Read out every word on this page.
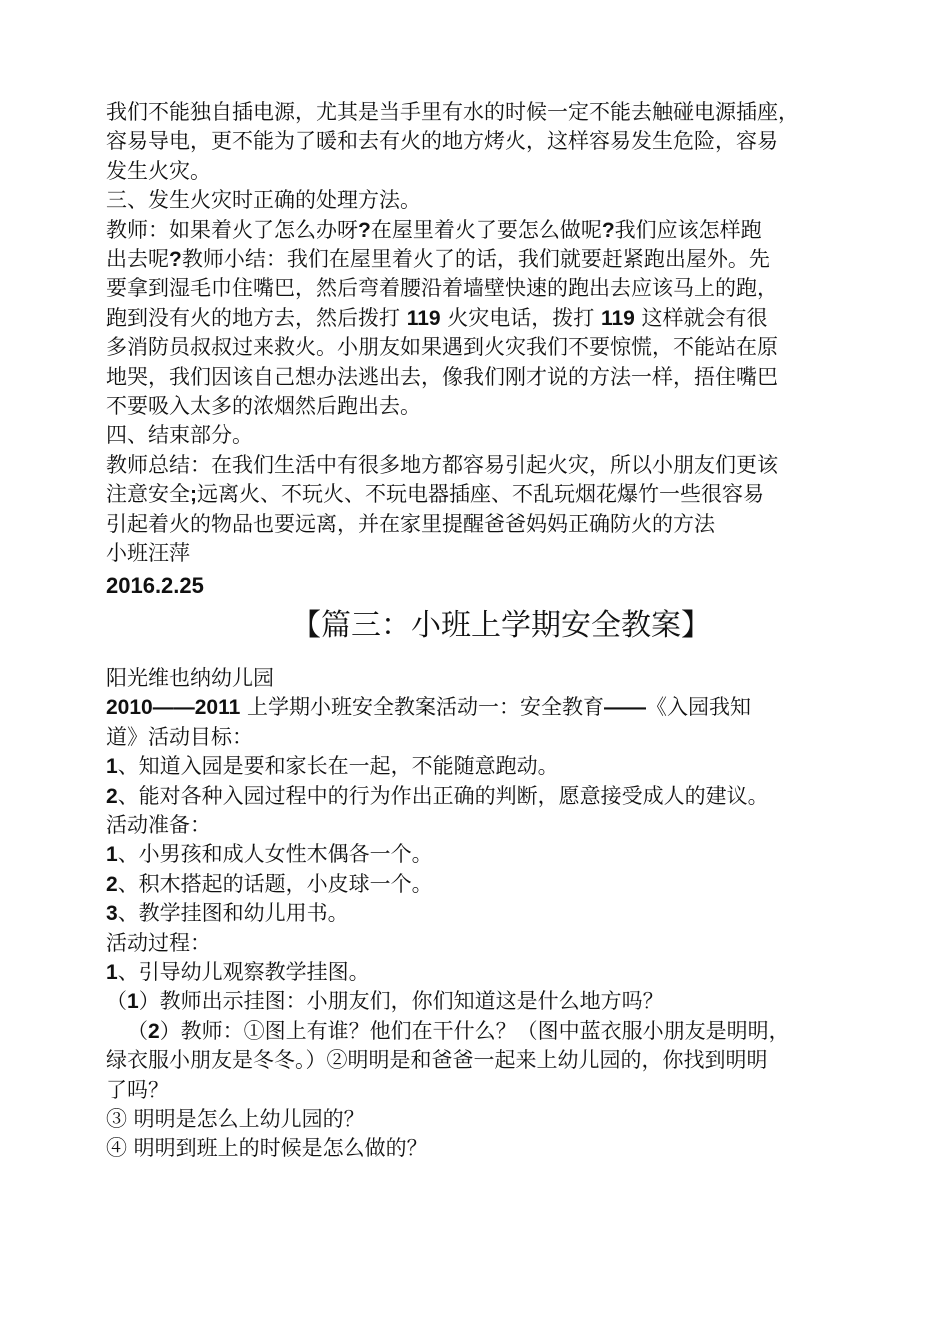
我们不能独自插电源，尤其是当手里有水的时候一定不能去触碰电源插座，
容易导电，更不能为了暖和去有火的地方烤火，这样容易发生危险，容易
发生火灾。
三、发生火灾时正确的处理方法。
教师：如果着火了怎么办呀?在屋里着火了要怎么做呢?我们应该怎样跑
出去呢?教师小结：我们在屋里着火了的话，我们就要赶紧跑出屋外。先
要拿到湿毛巾住嘴巴，然后弯着腰沿着墙壁快速的跑出去应该马上的跑，
跑到没有火的地方去，然后拨打 119 火灾电话，拨打 119 这样就会有很
多消防员叔叔过来救火。小朋友如果遇到火灾我们不要惊慌，不能站在原
地哭，我们因该自己想办法逃出去，像我们刚才说的方法一样，捂住嘴巴
不要吸入太多的浓烟然后跑出去。
四、结束部分。
教师总结：在我们生活中有很多地方都容易引起火灾，所以小朋友们更该
注意安全;远离火、不玩火、不玩电器插座、不乱玩烟花爆竹一些很容易
引起着火的物品也要远离，并在家里提醒爸爸妈妈正确防火的方法
小班汪萍
2016.2.25
【篇三：小班上学期安全教案】
阳光维也纳幼儿园
2010——2011 上学期小班安全教案活动一：安全教育——《入园我知
道》活动目标：
1、知道入园是要和家长在一起，不能随意跑动。
2、能对各种入园过程中的行为作出正确的判断，愿意接受成人的建议。
活动准备：
1、小男孩和成人女性木偶各一个。
2、积木搭起的话题，小皮球一个。
3、教学挂图和幼儿用书。
活动过程：
1、引导幼儿观察教学挂图。
（1）教师出示挂图：小朋友们，你们知道这是什么地方吗？
（2）教师：①图上有谁？他们在干什么？（图中蓝衣服小朋友是明明，
绿衣服小朋友是冬冬。）②明明是和爸爸一起来上幼儿园的，你找到明明
了吗？
③ 明明是怎么上幼儿园的？
④ 明明到班上的时候是怎么做的？
